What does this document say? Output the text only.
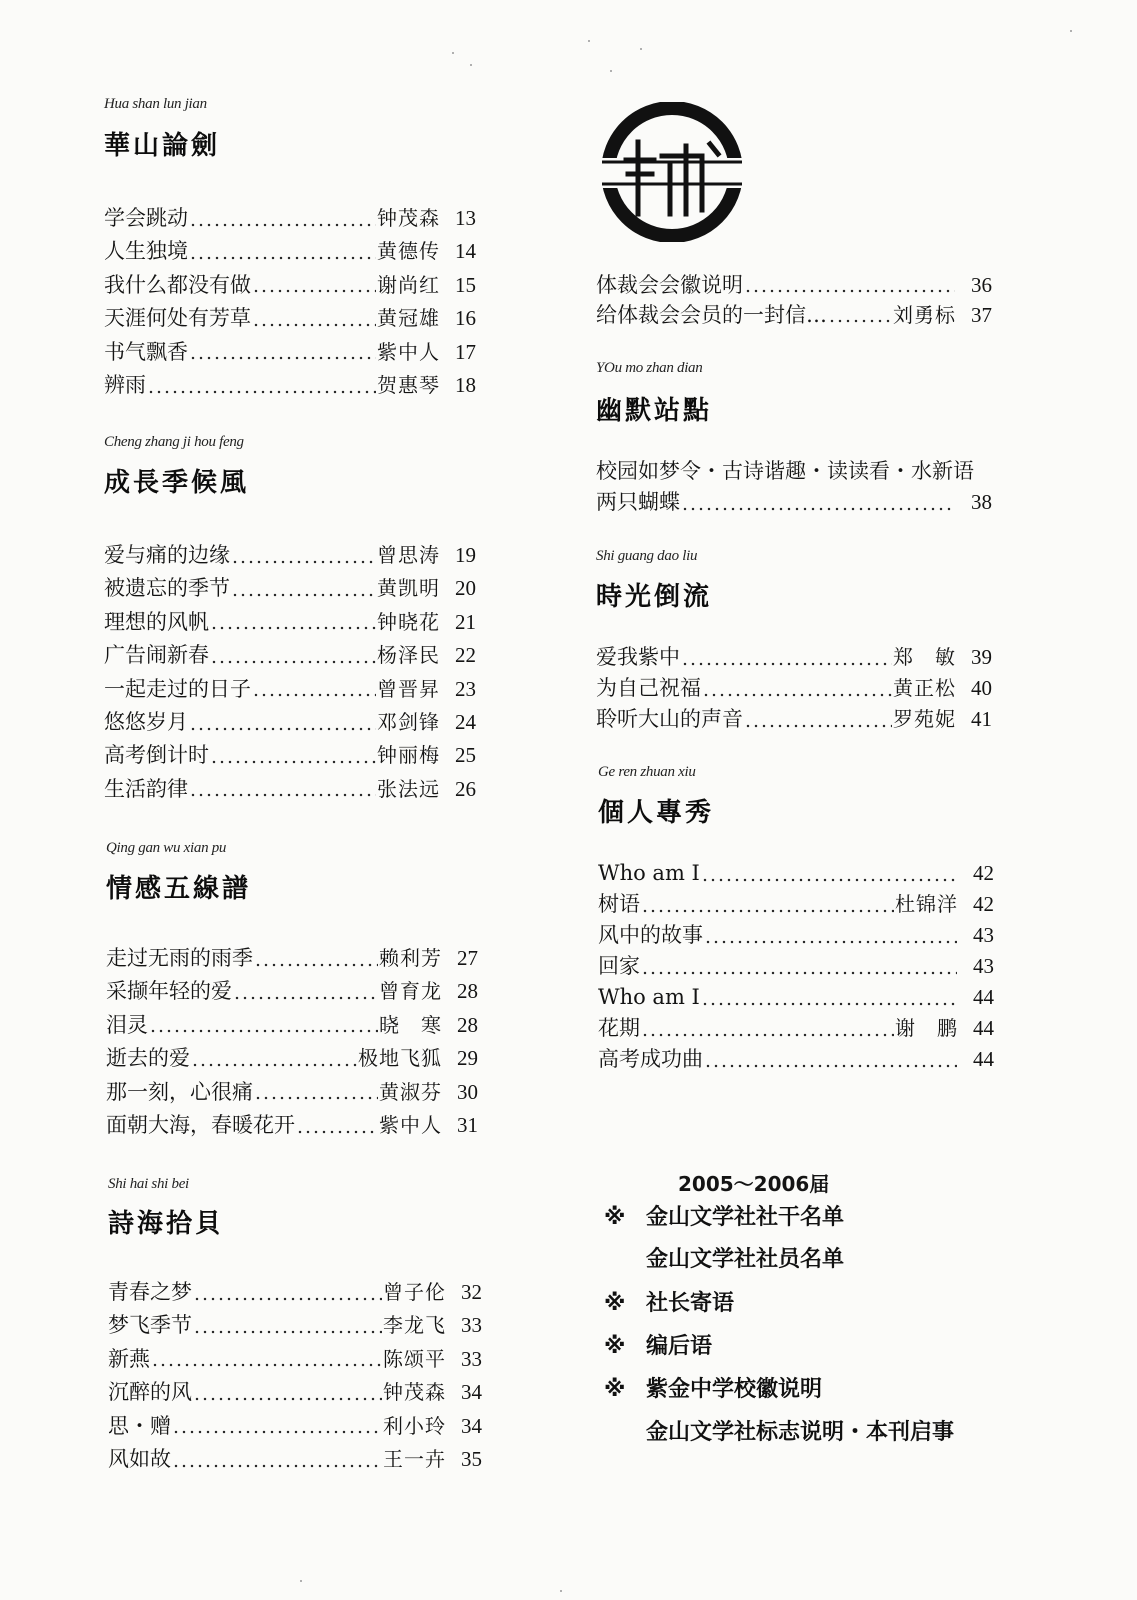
Hua shan lun jian
華山論劍
学会跳动	钟茂森 13
人生独境	黄德传 14
我什么都没有做	谢尚红 15
天涯何处有芳草	黄冠雄 16
书气飘香	紫中人 17
辨雨	贺惠琴 18
Cheng zhang ji hou feng
成長季候風
爱与痛的边缘	曾思涛 19
被遗忘的季节	黄凯明 20
理想的风帆	钟晓花 21
广告闹新春	杨泽民 22
一起走过的日子	曾晋昇 23
悠悠岁月	邓剑锋 24
高考倒计时	钟丽梅 25
生活韵律	张法远 26
Qing gan wu xian pu
情感五線譜
走过无雨的雨季	赖利芳 27
采撷年轻的爱	曾育龙 28
泪灵	晓　寒 28
逝去的爱	极地飞狐 29
那一刻，心很痛	黄淑芬 30
面朝大海，春暖花开	紫中人 31
Shi hai shi bei
詩海拾貝
青春之梦	曾子伦 32
梦飞季节	李龙飞 33
新燕	陈颂平 33
沉醉的风	钟茂森 34
思・赠	利小玲 34
风如故	王一卉 35
2005～2006届
体裁会会徽说明	36
给体裁会会员的一封信…	刘勇标 37
YOu mo zhan dian
幽默站點
校园如梦令・古诗谐趣・读读看・水新语
两只蝴蝶	38
Shi guang dao liu
時光倒流
爱我紫中	郑　敏 39
为自己祝福	黄正松 40
聆听大山的声音	罗苑妮 41
Ge ren zhuan xiu
個人專秀
Who am I	42
树语	杜锦洋 42
风中的故事	43
回家	43
Who am I	44
花期	谢　鹏 44
高考成功曲	44
※ 金山文学社社干名单
金山文学社社员名单
※ 社长寄语
※ 编后语
※ 紫金中学校徽说明
金山文学社标志说明・本刊启事
